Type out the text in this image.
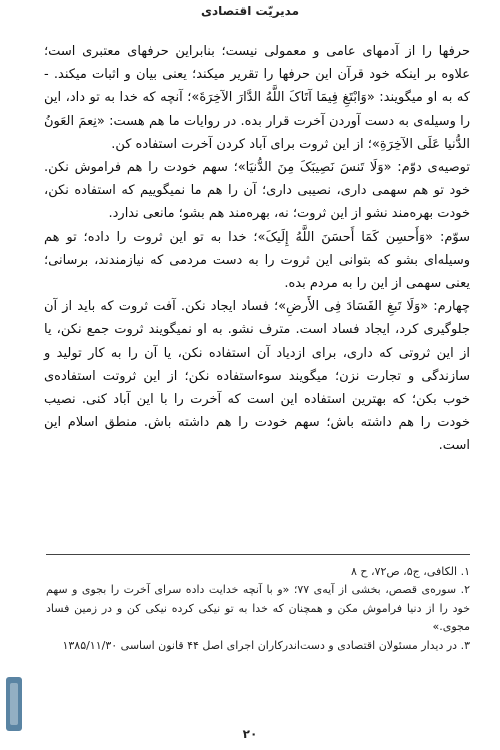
مدیریّت اقتصادی

حرفها را از آدمهای عامی و معمولی نیست؛ بنابراین حرفهای معتبری است؛ علاوه بر اینکه خود قرآن این حرفها را تقریر میکند؛ یعنی بیان و اثبات میکند. - که به او میگویند: «وَابْتَغِ فِیمَا آتَاکَ اللَّهُ الدَّارَ الآخِرَةَ»؛ آنچه که خدا به تو داد، این را وسیله‌ی به دست آوردن آخرت قرار بده. در روایات ما هم هست: «نِعمَ العَونُ الدُّنیا عَلَی الآخِرَةِ»؛ از این ثروت برای آباد کردن آخرت استفاده کن.

توصیه‌ی دوّم: «وَلَا تَنسَ نَصِیبَکَ مِنَ الدُّنیَا»؛ سهم خودت را هم فراموش نکن. خود تو هم سهمی داری، نصیبی داری؛ آن را هم ما نمیگوییم که استفاده نکن، خودت بهره‌مند نشو از این ثروت؛ نه، بهره‌مند هم بشو؛ مانعی ندارد.

سوّم: «وَأَحسِن کَمَا أَحسَنَ اللَّهُ إِلَیکَ»؛ خدا به تو این ثروت را داده؛ تو هم وسیله‌ای بشو که بتوانی این ثروت را به دست مردمی که نیازمندند، برسانی؛ یعنی سهمی از این را به مردم بده.

چهارم: «وَلَا تَبغِ الفَسَادَ فِی الأَرضِ»؛ فساد ایجاد نکن. آفت ثروت که باید از آن جلوگیری کرد، ایجاد فساد است. مترف نشو. به او نمیگویند ثروت جمع نکن، یا از این ثروتی که داری، برای ازدیاد آن استفاده نکن، یا آن را به کار تولید و سازندگی و تجارت نزن؛ میگویند سوءاستفاده نکن؛ از این ثروتت استفاده‌ی خوب بکن؛ که بهترین استفاده این است که آخرت را با این آباد کنی. نصیب خودت را هم داشته باش؛ سهم خودت را هم داشته باش. منطق اسلام این است.

۱. الکافی، ج۵، ص۷۲، ح ۸

۲. سوره‌ی قصص، بخشی از آیه‌ی ۷۷؛ «و با آنچه خدایت داده سرای آخرت را بجوی و سهم خود را از دنیا فراموش مکن و همچنان که خدا به تو نیکی کرده نیکی کن و در زمین فساد مجوی.»

۳. در دیدار مسئولان اقتصادی و دست‌اندرکاران اجرای اصل ۴۴ قانون اساسی ۱۳۸۵/۱۱/۳۰

۲۰
